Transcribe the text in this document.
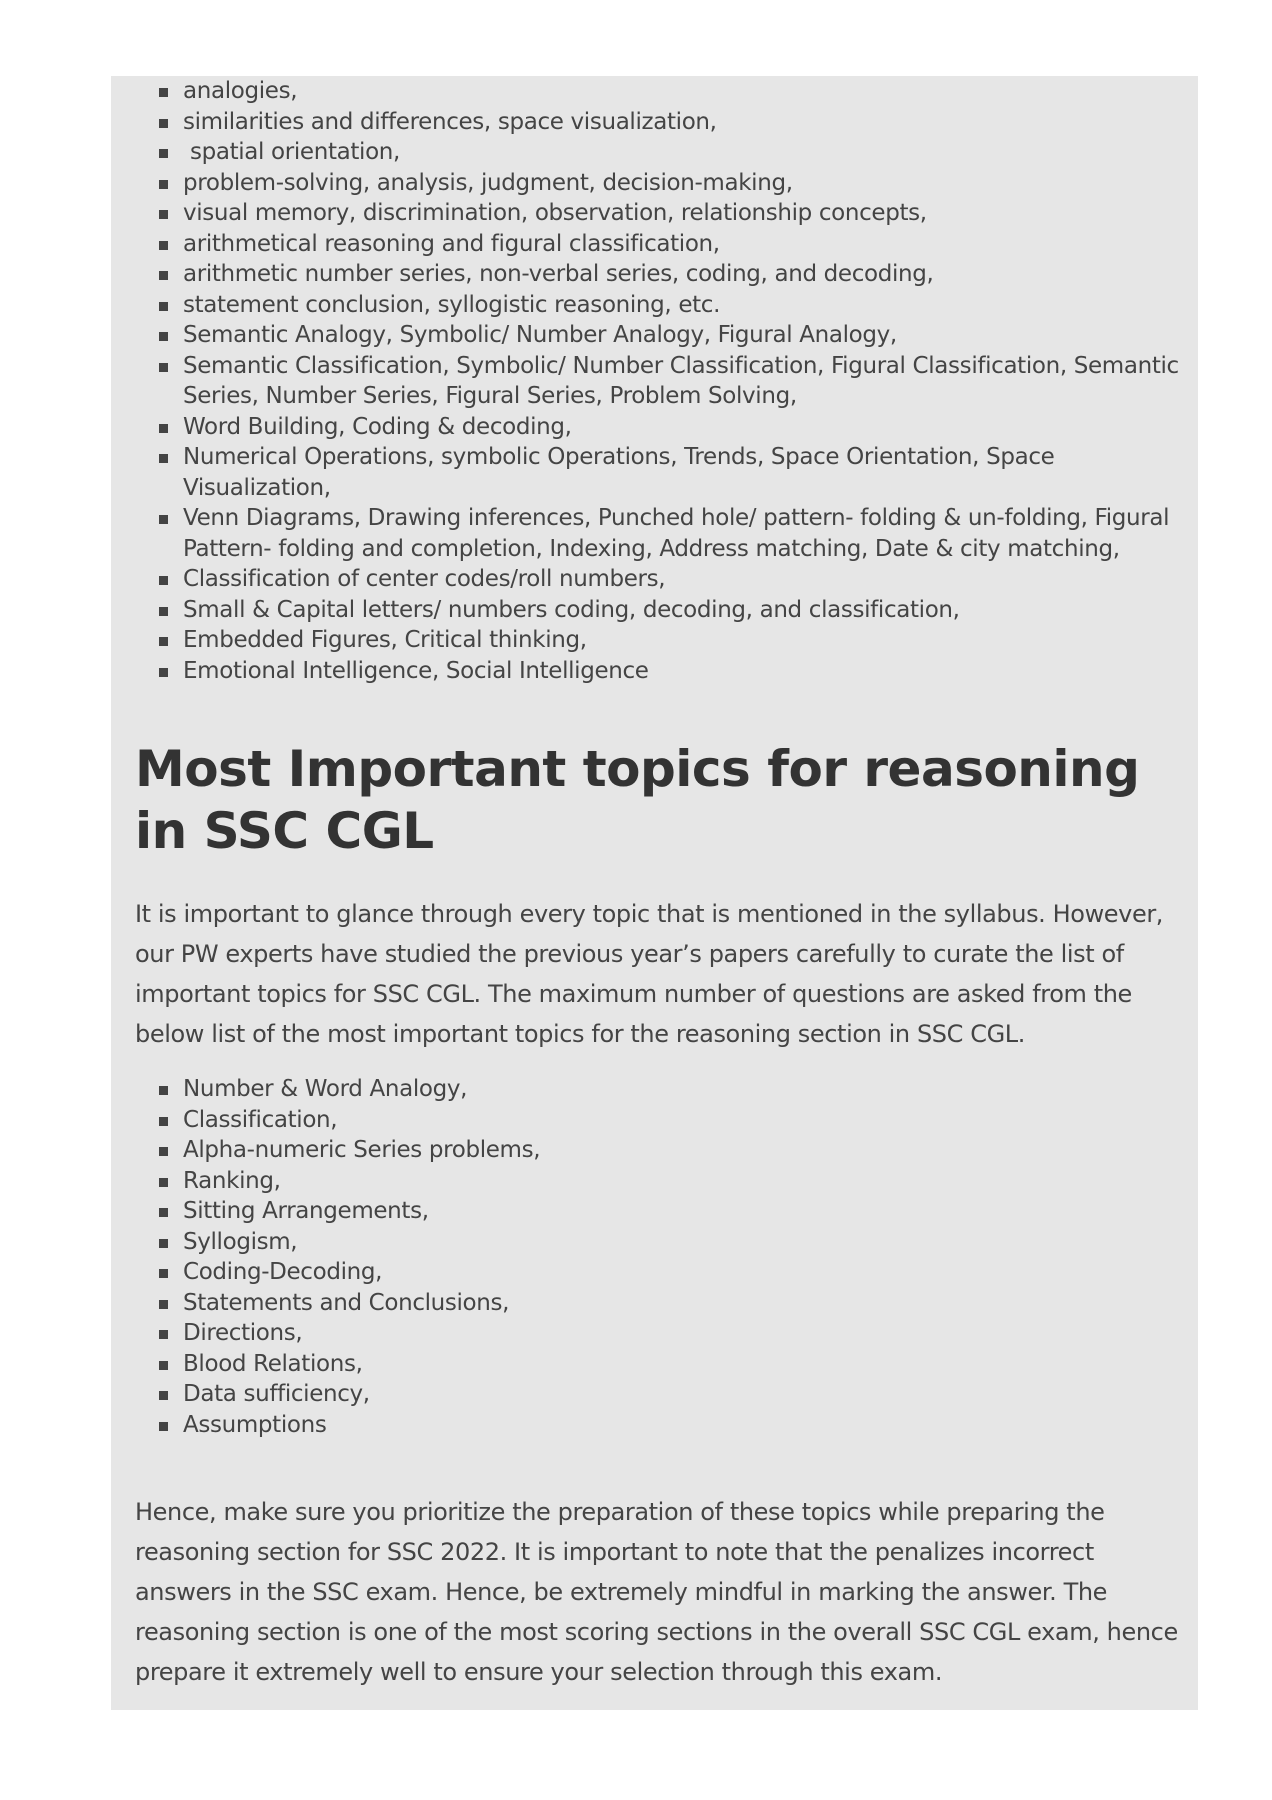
analogies,
similarities and differences, space visualization,
spatial orientation,
problem-solving, analysis, judgment, decision-making,
visual memory, discrimination, observation, relationship concepts,
arithmetical reasoning and figural classification,
arithmetic number series, non-verbal series, coding, and decoding,
statement conclusion, syllogistic reasoning, etc.
Semantic Analogy, Symbolic/ Number Analogy, Figural Analogy,
Semantic Classification, Symbolic/ Number Classification, Figural Classification, Semantic Series, Number Series, Figural Series, Problem Solving,
Word Building, Coding & decoding,
Numerical Operations, symbolic Operations, Trends, Space Orientation, Space Visualization,
Venn Diagrams, Drawing inferences, Punched hole/ pattern- folding & un-folding, Figural Pattern- folding and completion, Indexing, Address matching, Date & city matching,
Classification of center codes/roll numbers,
Small & Capital letters/ numbers coding, decoding, and classification,
Embedded Figures, Critical thinking,
Emotional Intelligence, Social Intelligence
Most Important topics for reasoning in SSC CGL

It is important to glance through every topic that is mentioned in the syllabus. However, our PW experts have studied the previous year’s papers carefully to curate the list of important topics for SSC CGL. The maximum number of questions are asked from the below list of the most important topics for the reasoning section in SSC CGL.

Number & Word Analogy,
Classification,
Alpha-numeric Series problems,
Ranking,
Sitting Arrangements,
Syllogism,
Coding-Decoding,
Statements and Conclusions,
Directions,
Blood Relations,
Data sufficiency,
Assumptions

Hence, make sure you prioritize the preparation of these topics while preparing the reasoning section for SSC 2022. It is important to note that the penalizes incorrect answers in the SSC exam. Hence, be extremely mindful in marking the answer. The reasoning section is one of the most scoring sections in the overall SSC CGL exam, hence prepare it extremely well to ensure your selection through this exam.
